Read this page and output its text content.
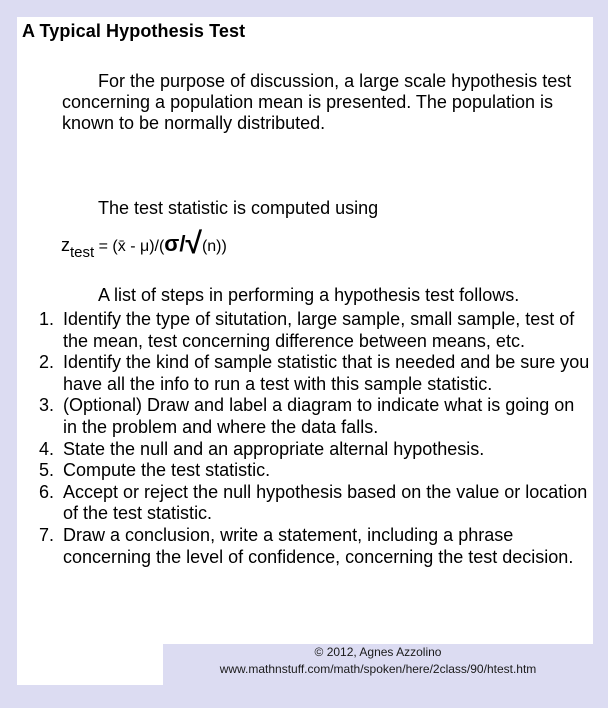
A Typical Hypothesis Test
For the purpose of discussion, a large scale hypothesis test concerning a population mean is presented. The population is known to be normally distributed.
The test statistic is computed using
ztest = (x̄ - μ)/(σ/√(n))
A list of steps in performing a hypothesis test follows.
1. Identify the type of situtation, large sample, small sample, test of the mean, test concerning difference between means, etc.
2. Identify the kind of sample statistic that is needed and be sure you have all the info to run a test with this sample statistic.
3. (Optional) Draw and label a diagram to indicate what is going on in the problem and where the data falls.
4. State the null and an appropriate alternal hypothesis.
5. Compute the test statistic.
6. Accept or reject the null hypothesis based on the value or location of the test statistic.
7. Draw a conclusion, write a statement, including a phrase concerning the level of confidence, concerning the test decision.
© 2012, Agnes Azzolino
www.mathnstuff.com/math/spoken/here/2class/90/htest.htm
